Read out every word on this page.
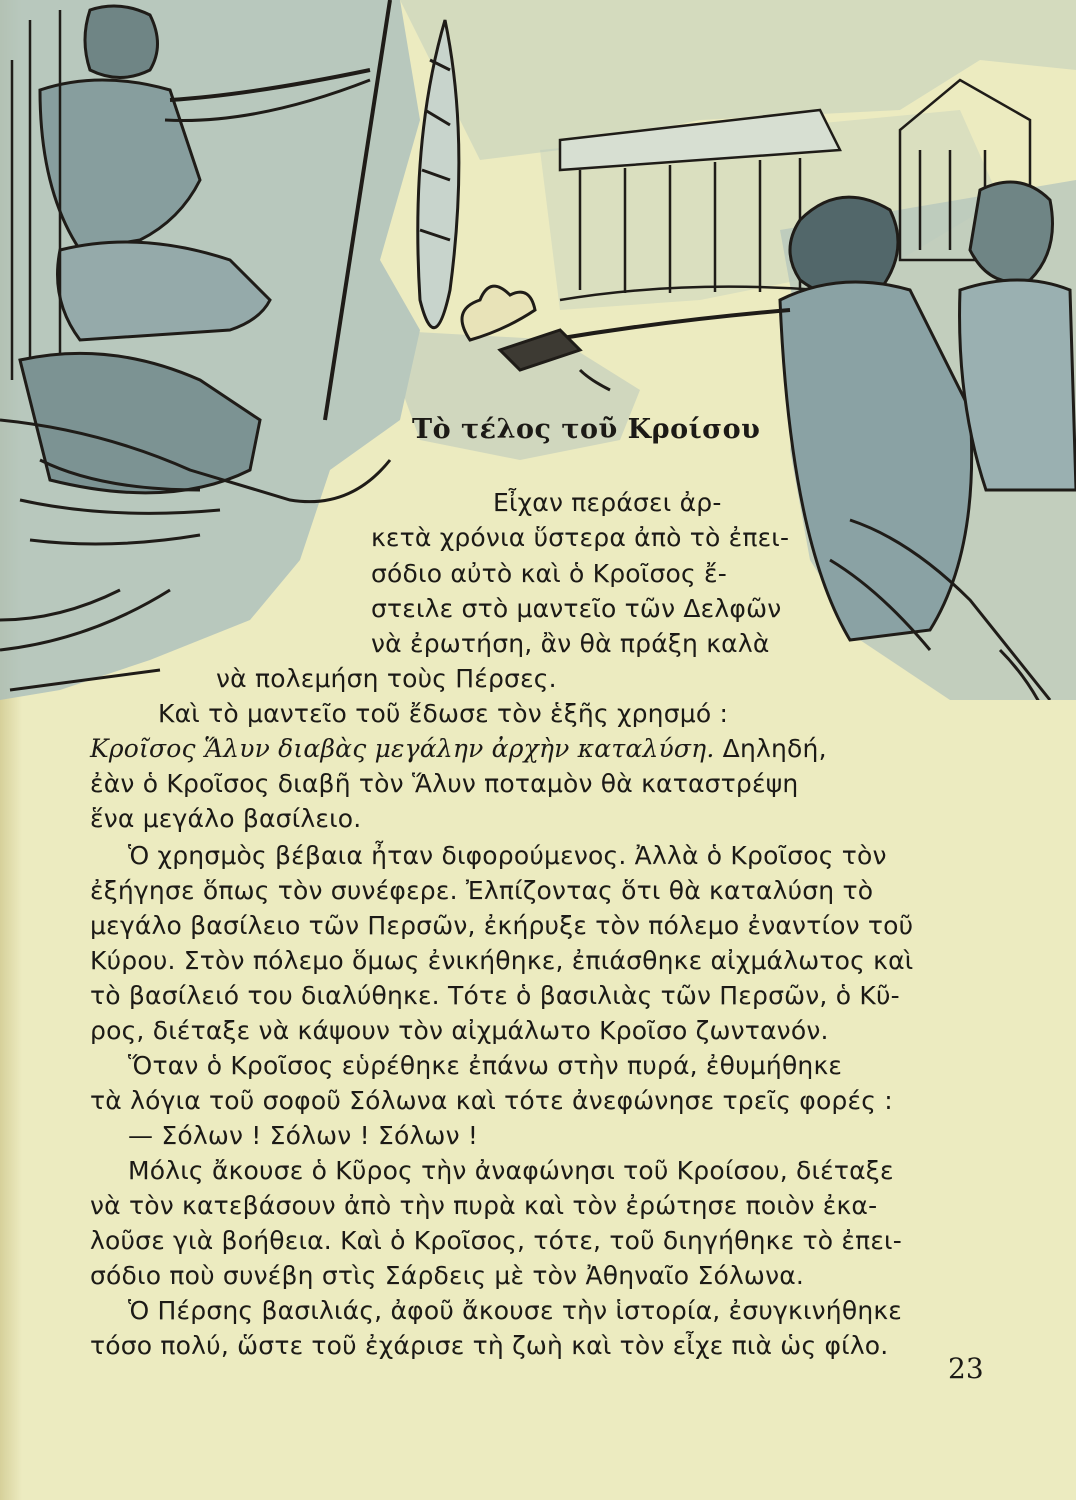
Τὸ τέλος τοῦ Κροίσου
Εἶχαν περάσει ἀρ-
κετὰ χρόνια ὕστερα ἀπὸ τὸ ἐπει-
σόδιο αὐτὸ καὶ ὁ Κροῖσος ἔ-
στειλε στὸ μαντεῖο τῶν Δελφῶν
νὰ ἐρωτήση, ἂν θὰ πράξη καλὰ
νὰ πολεμήση τοὺς Πέρσες.
Καὶ τὸ μαντεῖο τοῦ ἔδωσε τὸν ἑξῆς χρησμό :
Κροῖσος Ἅλυν διαβὰς μεγάλην ἀρχὴν καταλύση. Δηληδή,
ἐὰν ὁ Κροῖσος διαβῆ τὸν Ἅλυν ποταμὸν θὰ καταστρέψη
ἕνα μεγάλο βασίλειο.
Ὁ χρησμὸς βέβαια ἦταν διφορούμενος. Ἀλλὰ ὁ Κροῖσος τὸν
ἐξήγησε ὅπως τὸν συνέφερε. Ἐλπίζοντας ὅτι θὰ καταλύση τὸ
μεγάλο βασίλειο τῶν Περσῶν, ἐκήρυξε τὸν πόλεμο ἐναντίον τοῦ
Κύρου. Στὸν πόλεμο ὅμως ἐνικήθηκε, ἐπιάσθηκε αἰχμάλωτος καὶ
τὸ βασίλειό του διαλύθηκε. Τότε ὁ βασιλιὰς τῶν Περσῶν, ὁ Κῦ-
ρος, διέταξε νὰ κάψουν τὸν αἰχμάλωτο Κροῖσο ζωντανόν.
Ὅταν ὁ Κροῖσος εὑρέθηκε ἐπάνω στὴν πυρά, ἐθυμήθηκε
τὰ λόγια τοῦ σοφοῦ Σόλωνα καὶ τότε ἀνεφώνησε τρεῖς φορές :
— Σόλων ! Σόλων ! Σόλων !
Μόλις ἄκουσε ὁ Κῦρος τὴν ἀναφώνησι τοῦ Κροίσου, διέταξε
νὰ τὸν κατεβάσουν ἀπὸ τὴν πυρὰ καὶ τὸν ἐρώτησε ποιὸν ἐκα-
λοῦσε γιὰ βοήθεια. Καὶ ὁ Κροῖσος, τότε, τοῦ διηγήθηκε τὸ ἐπει-
σόδιο ποὺ συνέβη στὶς Σάρδεις μὲ τὸν Ἀθηναῖο Σόλωνα.
Ὁ Πέρσης βασιλιάς, ἀφοῦ ἄκουσε τὴν ἱστορία, ἐσυγκινήθηκε
τόσο πολύ, ὥστε τοῦ ἐχάρισε τὴ ζωὴ καὶ τὸν εἶχε πιὰ ὡς φίλο.
23
